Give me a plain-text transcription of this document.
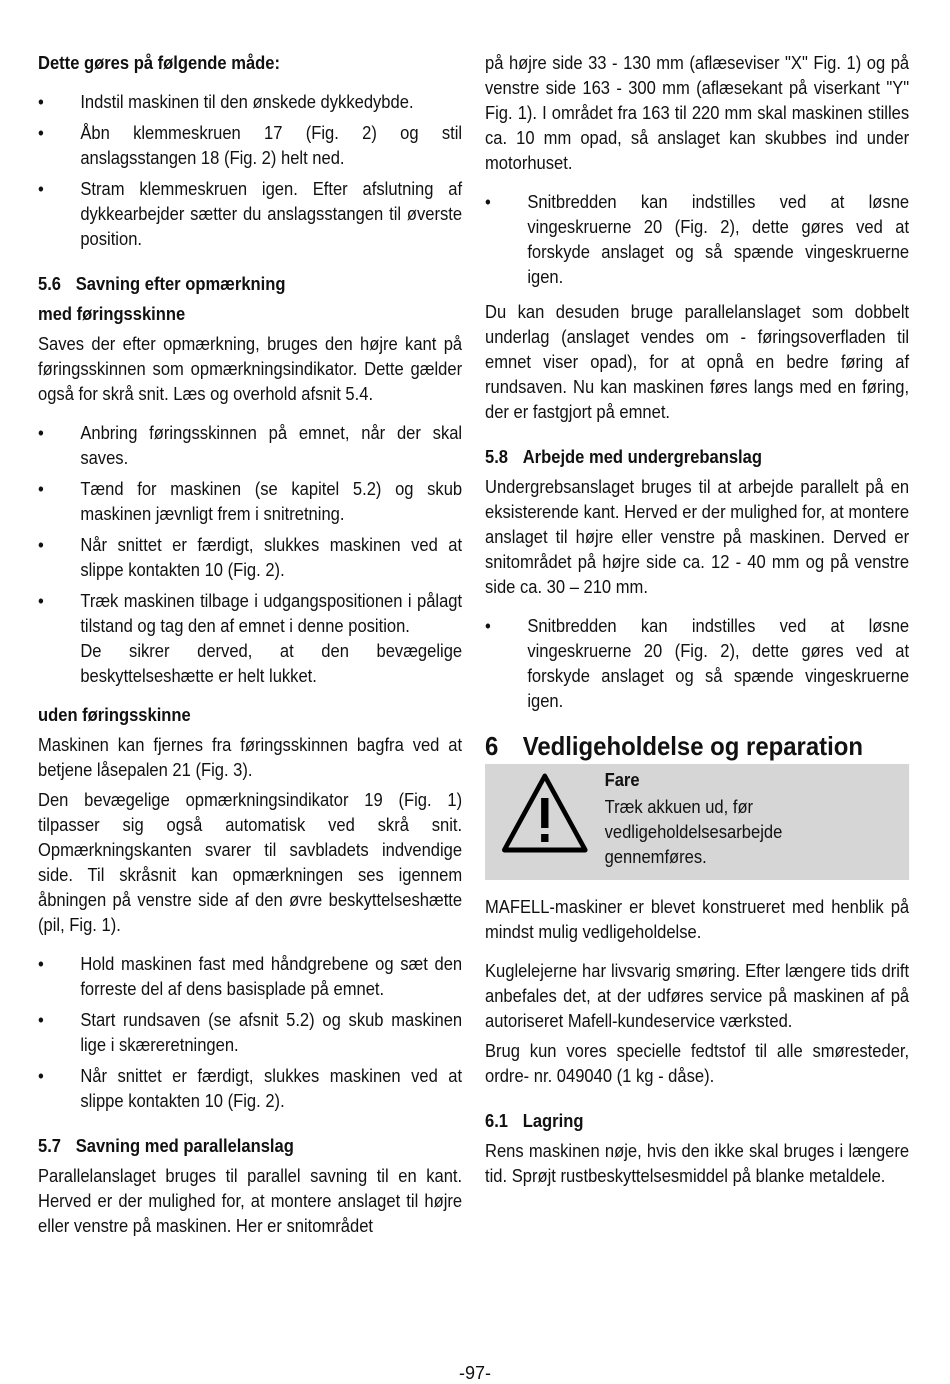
Dette gøres på følgende måde:

• Indstil maskinen til den ønskede dykkedybde.
• Åbn klemmeskruen 17 (Fig. 2) og stil anslagsstangen 18 (Fig. 2) helt ned.
• Stram klemmeskruen igen. Efter afslutning af dykkearbejder sætter du anslagsstangen til øverste position.
5.6 Savning efter opmærkning

med føringsskinne

Saves der efter opmærkning, bruges den højre kant på føringsskinnen som opmærkningsindikator. Dette gælder også for skrå snit. Læs og overhold afsnit 5.4.

• Anbring føringsskinnen på emnet, når der skal saves.
• Tænd for maskinen (se kapitel 5.2) og skub maskinen jævnligt frem i snitretning.
• Når snittet er færdigt, slukkes maskinen ved at slippe kontakten 10 (Fig. 2).
• Træk maskinen tilbage i udgangspositionen i pålagt tilstand og tag den af emnet i denne position.
De sikrer derved, at den bevægelige beskyttelseshætte er helt lukket.

uden føringsskinne

Maskinen kan fjernes fra føringsskinnen bagfra ved at betjene låsepalen 21 (Fig. 3).

Den bevægelige opmærkningsindikator 19 (Fig. 1) tilpasser sig også automatisk ved skrå snit. Opmærkningskanten svarer til savbladets indvendige side. Til skråsnit kan opmærkningen ses igennem åbningen på venstre side af den øvre beskyttelseshætte (pil, Fig. 1).

• Hold maskinen fast med håndgrebene og sæt den forreste del af dens basisplade på emnet.
• Start rundsaven (se afsnit 5.2) og skub maskinen lige i skæreretningen.
• Når snittet er færdigt, slukkes maskinen ved at slippe kontakten 10 (Fig. 2).
5.7 Savning med parallelanslag

Parallelanslaget bruges til parallel savning til en kant. Herved er der mulighed for, at montere anslaget til højre eller venstre på maskinen. Her er snitområdet

på højre side 33 - 130 mm (aflæseviser "X" Fig. 1) og på venstre side 163 - 300 mm (aflæsekant på viserkant "Y" Fig. 1). I området fra 163 til 220 mm skal maskinen stilles ca. 10 mm opad, så anslaget kan skubbes ind under motorhuset.

• Snitbredden kan indstilles ved at løsne vingeskruerne 20 (Fig. 2), dette gøres ved at forskyde anslaget og så spænde vingeskruerne igen.

Du kan desuden bruge parallelanslaget som dobbelt underlag (anslaget vendes om - føringsoverfladen til emnet viser opad), for at opnå en bedre føring af rundsaven. Nu kan maskinen føres langs med en føring, der er fastgjort på emnet.

5.8 Arbejde med undergrebanslag

Undergrebsanslaget bruges til at arbejde parallelt på en eksisterende kant. Herved er der mulighed for, at montere anslaget til højre eller venstre på maskinen. Derved er snitområdet på højre side ca. 12 - 40 mm og på venstre side ca. 30 – 210 mm.

• Snitbredden kan indstilles ved at løsne vingeskruerne 20 (Fig. 2), dette gøres ved at forskyde anslaget og så spænde vingeskruerne igen.
6 Vedligeholdelse og reparation

Fare

Træk akkuen ud, før
vedligeholdelsesarbejde
gennemføres.

MAFELL-maskiner er blevet konstrueret med henblik på mindst mulig vedligeholdelse.

Kuglelejerne har livsvarig smøring. Efter længere tids drift anbefales det, at der udføres service på maskinen af på autoriseret Mafell-kundeservice værksted.

Brug kun vores specielle fedtstof til alle smøresteder, ordre- nr. 049040 (1 kg - dåse).

6.1 Lagring

Rens maskinen nøje, hvis den ikke skal bruges i længere tid. Sprøjt rustbeskyttelsesmiddel på blanke metaldele.

-97-
